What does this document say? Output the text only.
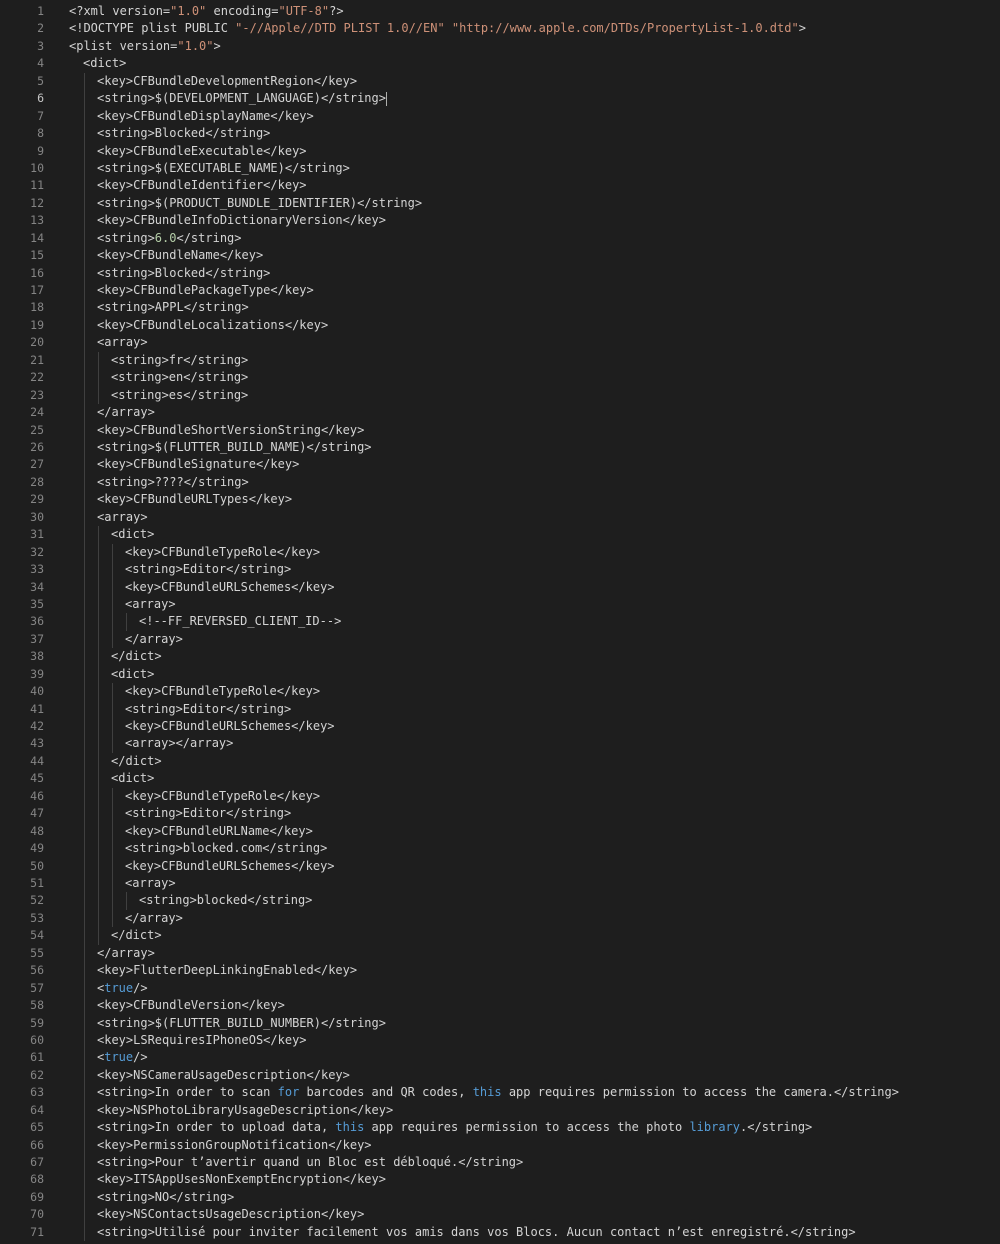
1
2
3
4
5
6
7
8
9
10
11
12
13
14
15
16
17
18
19
20
21
22
23
24
25
26
27
28
29
30
31
32
33
34
35
36
37
38
39
40
41
42
43
44
45
46
47
48
49
50
51
52
53
54
55
56
57
58
59
60
61
62
63
64
65
66
67
68
69
70
71
<?xml version="1.0" encoding="UTF-8"?>
<!DOCTYPE plist PUBLIC "-//Apple//DTD PLIST 1.0//EN" "http://www.apple.com/DTDs/PropertyList-1.0.dtd">
<plist version="1.0">
<dict>
<key>CFBundleDevelopmentRegion</key>
<string>$(DEVELOPMENT_LANGUAGE)</string>
<key>CFBundleDisplayName</key>
<string>Blocked</string>
<key>CFBundleExecutable</key>
<string>$(EXECUTABLE_NAME)</string>
<key>CFBundleIdentifier</key>
<string>$(PRODUCT_BUNDLE_IDENTIFIER)</string>
<key>CFBundleInfoDictionaryVersion</key>
<string>6.0</string>
<key>CFBundleName</key>
<string>Blocked</string>
<key>CFBundlePackageType</key>
<string>APPL</string>
<key>CFBundleLocalizations</key>
<array>
<string>fr</string>
<string>en</string>
<string>es</string>
</array>
<key>CFBundleShortVersionString</key>
<string>$(FLUTTER_BUILD_NAME)</string>
<key>CFBundleSignature</key>
<string>????</string>
<key>CFBundleURLTypes</key>
<array>
<dict>
<key>CFBundleTypeRole</key>
<string>Editor</string>
<key>CFBundleURLSchemes</key>
<array>
<!--FF_REVERSED_CLIENT_ID-->
</array>
</dict>
<dict>
<key>CFBundleTypeRole</key>
<string>Editor</string>
<key>CFBundleURLSchemes</key>
<array></array>
</dict>
<dict>
<key>CFBundleTypeRole</key>
<string>Editor</string>
<key>CFBundleURLName</key>
<string>blocked.com</string>
<key>CFBundleURLSchemes</key>
<array>
<string>blocked</string>
</array>
</dict>
</array>
<key>FlutterDeepLinkingEnabled</key>
<true/>
<key>CFBundleVersion</key>
<string>$(FLUTTER_BUILD_NUMBER)</string>
<key>LSRequiresIPhoneOS</key>
<true/>
<key>NSCameraUsageDescription</key>
<string>In order to scan for barcodes and QR codes, this app requires permission to access the camera.</string>
<key>NSPhotoLibraryUsageDescription</key>
<string>In order to upload data, this app requires permission to access the photo library.</string>
<key>PermissionGroupNotification</key>
<string>Pour t’avertir quand un Bloc est débloqué.</string>
<key>ITSAppUsesNonExemptEncryption</key>
<string>NO</string>
<key>NSContactsUsageDescription</key>
<string>Utilisé pour inviter facilement vos amis dans vos Blocs. Aucun contact n’est enregistré.</string>
